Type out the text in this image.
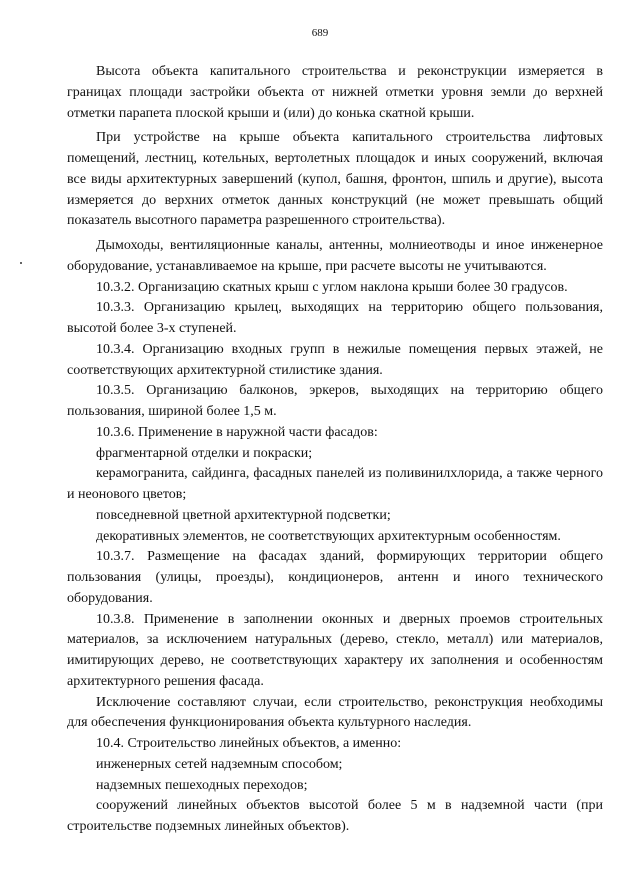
689

Высота объекта капитального строительства и реконструкции измеряется в границах площади застройки объекта от нижней отметки уровня земли до верхней отметки парапета плоской крыши и (или) до конька скатной крыши.

При устройстве на крыше объекта капитального строительства лифтовых помещений, лестниц, котельных, вертолетных площадок и иных сооружений, включая все виды архитектурных завершений (купол, башня, фронтон, шпиль и другие), высота измеряется до верхних отметок данных конструкций (не может превышать общий показатель высотного параметра разрешенного строительства).

Дымоходы, вентиляционные каналы, антенны, молниеотводы и иное инженерное оборудование, устанавливаемое на крыше, при расчете высоты не учитываются.

10.3.2. Организацию скатных крыш с углом наклона крыши более 30 градусов.

10.3.3. Организацию крылец, выходящих на территорию общего пользования, высотой более 3-х ступеней.

10.3.4. Организацию входных групп в нежилые помещения первых этажей, не соответствующих архитектурной стилистике здания.

10.3.5. Организацию балконов, эркеров, выходящих на территорию общего пользования, шириной более 1,5 м.

10.3.6. Применение в наружной части фасадов:

фрагментарной отделки и покраски;

керамогранита, сайдинга, фасадных панелей из поливинилхлорида, а также черного и неонового цветов;

повседневной цветной архитектурной подсветки;

декоративных элементов, не соответствующих архитектурным особенностям.

10.3.7. Размещение на фасадах зданий, формирующих территории общего пользования (улицы, проезды), кондиционеров, антенн и иного технического оборудования.

10.3.8. Применение в заполнении оконных и дверных проемов строительных материалов, за исключением натуральных (дерево, стекло, металл) или материалов, имитирующих дерево, не соответствующих характеру их заполнения и особенностям архитектурного решения фасада.

Исключение составляют случаи, если строительство, реконструкция необходимы для обеспечения функционирования объекта культурного наследия.

10.4. Строительство линейных объектов, а именно:

инженерных сетей надземным способом;

надземных пешеходных переходов;

сооружений линейных объектов высотой более 5 м в надземной части (при строительстве подземных линейных объектов).
